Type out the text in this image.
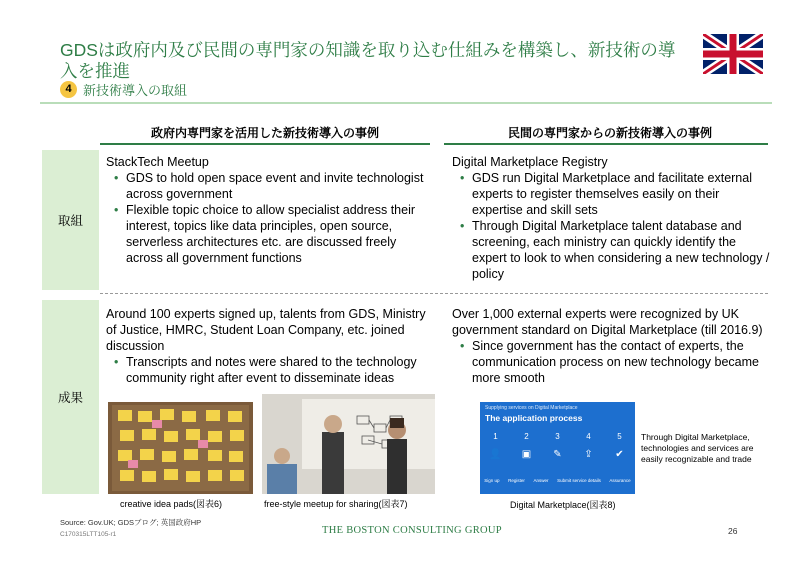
GDSは政府内及び民間の専門家の知識を取り込む仕組みを構築し、新技術の導入を推進
4 新技術導入の取組
政府内専門家を活用した新技術導入の事例	民間の専門家からの新技術導入の事例
取組
StackTech Meetup
• GDS to hold open space event and invite technologist across government
• Flexible topic choice to allow specialist address their interest, topics like data principles, open source, serverless architectures etc. are discussed freely across all government functions
Digital Marketplace Registry
• GDS run Digital Marketplace and facilitate external experts to register themselves easily on their expertise and skill sets
• Through Digital Marketplace talent database and screening, each ministry can quickly identify the expert to look to when considering a new technology / policy
成果
Around 100 experts signed up, talents from GDS, Ministry of Justice, HMRC, Student Loan Company, etc. joined discussion
• Transcripts and notes were shared to the technology community right after event to disseminate ideas
Over 1,000 external experts were recognized by UK government standard on Digital Marketplace (till 2016.9)
• Since government has the contact of experts, the communication process on new technology became more smooth
creative idea pads(図表6)	free-style meetup for sharing(図表7)
Supplying services on Digital Marketplace
The application process
1	2	3	4	5
👤	▣	✎	⇪	✔
Sign up Register Answer Submit service details Assurance
Through Digital Marketplace, technologies and services are easily recognizable and trade
Digital Marketplace(図表8)
Source: Gov.UK; GDSブログ; 英国政府HP
C170315LTT105-r1	THE BOSTON CONSULTING GROUP	26
